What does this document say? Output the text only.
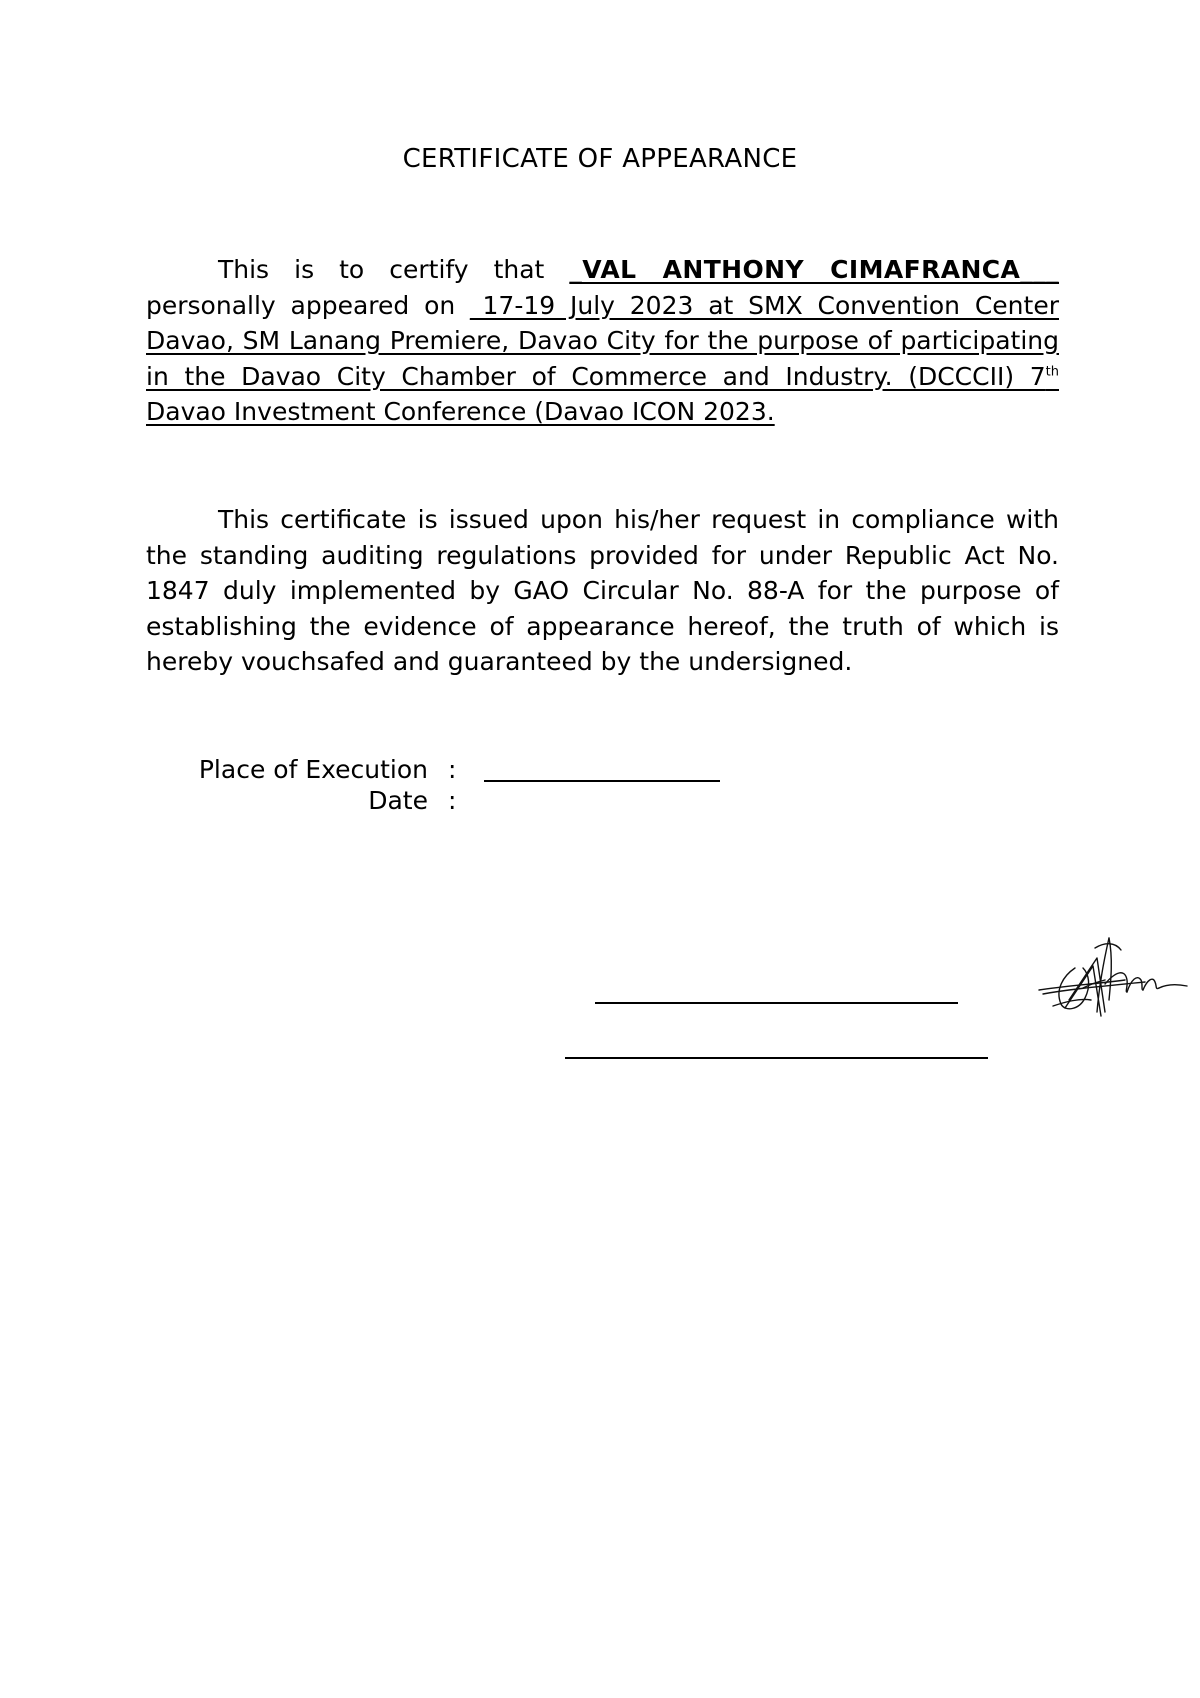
CERTIFICATE OF APPEARANCE

This is to certify that _VAL ANTHONY CIMAFRANCA___ personally appeared on _17-19 July 2023 at SMX Convention Center Davao, SM Lanang Premiere, Davao City for the purpose of participating in the Davao City Chamber of Commerce and Industry. (DCCCII) 7th Davao Investment Conference (Davao ICON 2023.

This certificate is issued upon his/her request in compliance with the standing auditing regulations provided for under Republic Act No. 1847 duly implemented by GAO Circular No. 88-A for the purpose of establishing the evidence of appearance hereof, the truth of which is hereby vouchsafed and guaranteed by the undersigned.

Place of Execution :
Date :
